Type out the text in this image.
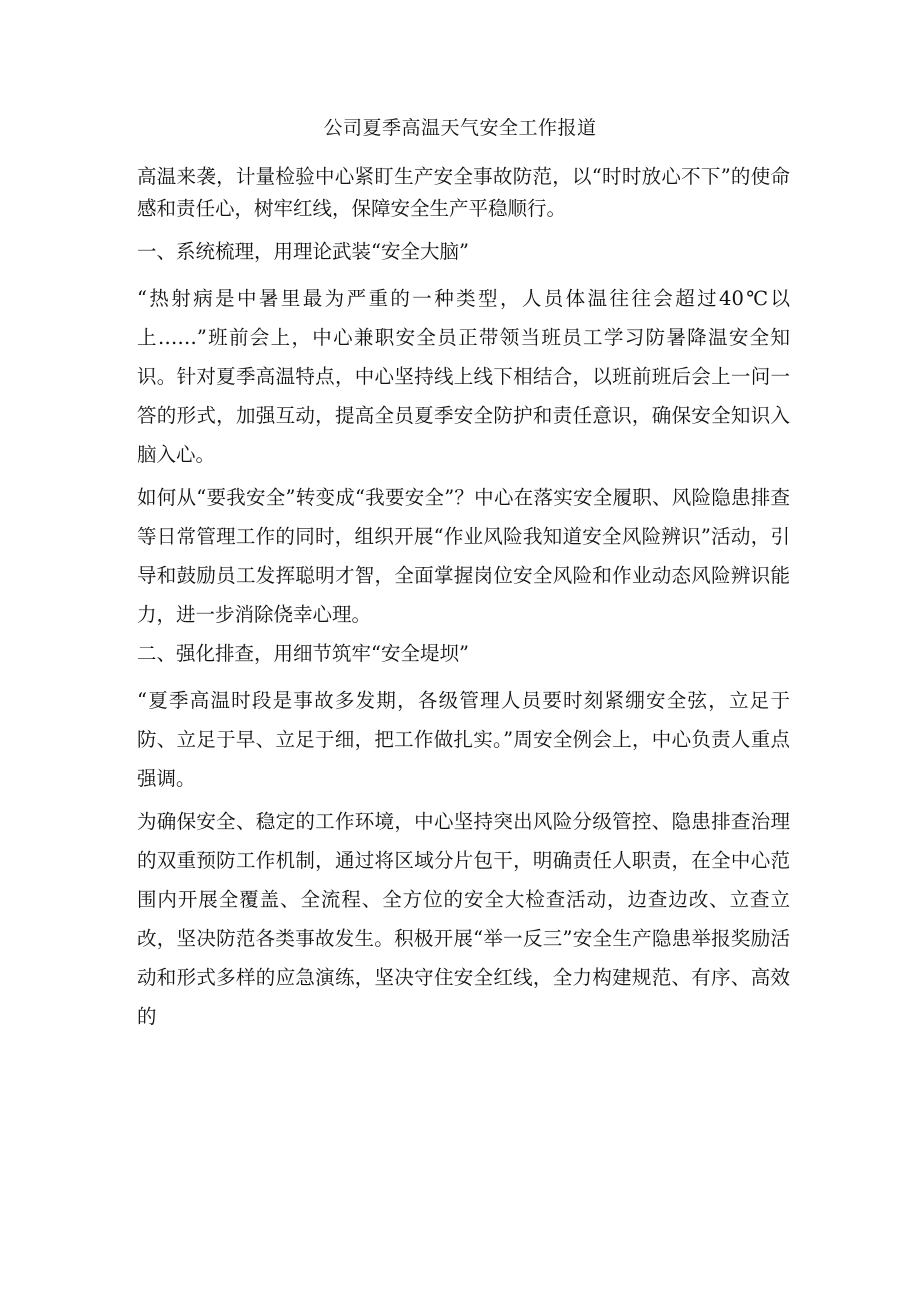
公司夏季高温天气安全工作报道

高温来袭，计量检验中心紧盯生产安全事故防范，以“时时放心不下”的使命感和责任心，树牢红线，保障安全生产平稳顺行。

一、系统梳理，用理论武装“安全大脑”

“热射病是中暑里最为严重的一种类型，人员体温往往会超过40℃以上……”班前会上，中心兼职安全员正带领当班员工学习防暑降温安全知识。针对夏季高温特点，中心坚持线上线下相结合，以班前班后会上一问一答的形式，加强互动，提高全员夏季安全防护和责任意识，确保安全知识入脑入心。

如何从“要我安全”转变成“我要安全”？中心在落实安全履职、风险隐患排查等日常管理工作的同时，组织开展“作业风险我知道安全风险辨识”活动，引导和鼓励员工发挥聪明才智，全面掌握岗位安全风险和作业动态风险辨识能力，进一步消除侥幸心理。

二、强化排查，用细节筑牢“安全堤坝”

“夏季高温时段是事故多发期，各级管理人员要时刻紧绷安全弦，立足于防、立足于早、立足于细，把工作做扎实。”周安全例会上，中心负责人重点强调。

为确保安全、稳定的工作环境，中心坚持突出风险分级管控、隐患排查治理的双重预防工作机制，通过将区域分片包干，明确责任人职责，在全中心范围内开展全覆盖、全流程、全方位的安全大检查活动，边查边改、立查立改，坚决防范各类事故发生。积极开展“举一反三”安全生产隐患举报奖励活动和形式多样的应急演练，坚决守住安全红线，全力构建规范、有序、高效的
